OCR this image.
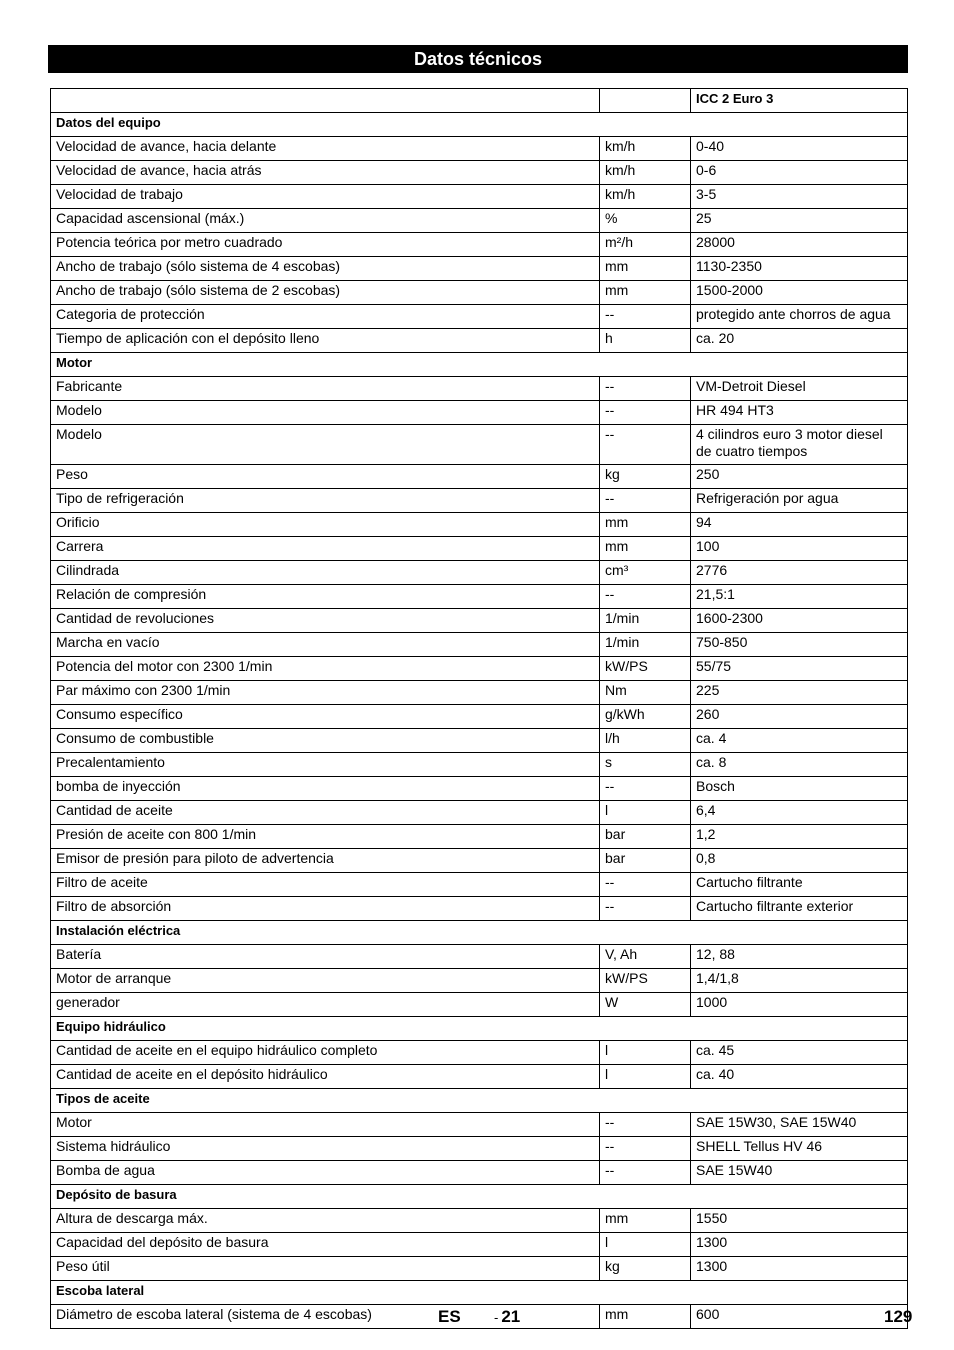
Datos técnicos
		ICC 2 Euro 3
Datos del equipo		
Velocidad de avance, hacia delante	km/h	0-40
Velocidad de avance, hacia atrás	km/h	0-6
Velocidad de trabajo	km/h	3-5
Capacidad ascensional (máx.)	%	25
Potencia teórica por metro cuadrado	m²/h	28000
Ancho de trabajo (sólo sistema de 4 escobas)	mm	1130-2350
Ancho de trabajo (sólo sistema de 2 escobas)	mm	1500-2000
Categoria de protección	--	protegido ante chorros de agua
Tiempo de aplicación con el depósito lleno	h	ca. 20
Motor		
Fabricante	--	VM-Detroit Diesel
Modelo	--	HR 494 HT3
Modelo	--	4 cilindros euro 3 motor diesel de cuatro tiempos
Peso	kg	250
Tipo de refrigeración	--	Refrigeración por agua
Orificio	mm	94
Carrera	mm	100
Cilindrada	cm³	2776
Relación de compresión	--	21,5:1
Cantidad de revoluciones	1/min	1600-2300
Marcha en vacío	1/min	750-850
Potencia del motor con 2300 1/min	kW/PS	55/75
Par máximo con 2300 1/min	Nm	225
Consumo específico	g/kWh	260
Consumo de combustible	l/h	ca. 4
Precalentamiento	s	ca. 8
bomba de inyección	--	Bosch
Cantidad de aceite	l	6,4
Presión de aceite con 800 1/min	bar	1,2
Emisor de presión para piloto de advertencia	bar	0,8
Filtro de aceite	--	Cartucho filtrante
Filtro de absorción	--	Cartucho filtrante exterior
Instalación eléctrica		
Batería	V, Ah	12, 88
Motor de arranque	kW/PS	1,4/1,8
generador	W	1000
Equipo hidráulico		
Cantidad de aceite en el equipo hidráulico completo	l	ca. 45
Cantidad de aceite en el depósito hidráulico	l	ca. 40
Tipos de aceite		
Motor	--	SAE 15W30, SAE 15W40
Sistema hidráulico	--	SHELL Tellus HV 46
Bomba de agua	--	SAE 15W40
Depósito de basura		
Altura de descarga máx.	mm	1550
Capacidad del depósito de basura	l	1300
Peso útil	kg	1300
Escoba lateral		
Diámetro de escoba lateral (sistema de 4 escobas)	mm	600
ES	- 21	129
